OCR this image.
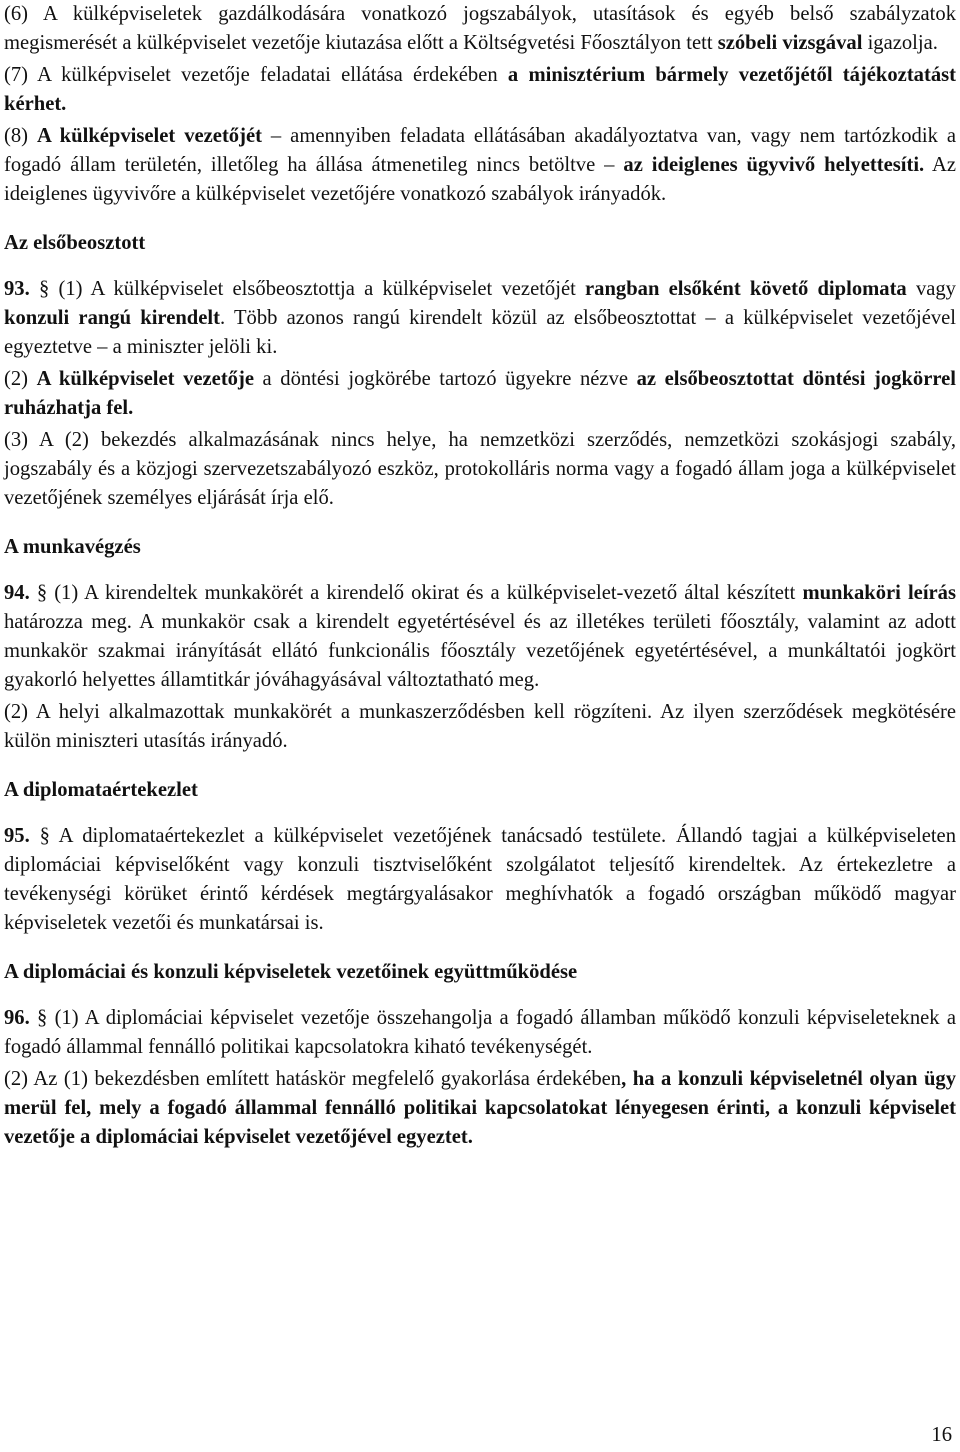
(6) A külképviseletek gazdálkodására vonatkozó jogszabályok, utasítások és egyéb belső szabályzatok megismerését a külképviselet vezetője kiutazása előtt a Költségvetési Főosztályon tett szóbeli vizsgával igazolja.

(7) A külképviselet vezetője feladatai ellátása érdekében a minisztérium bármely vezetőjétől tájékoztatást kérhet.

(8) A külképviselet vezetőjét – amennyiben feladata ellátásában akadályoztatva van, vagy nem tartózkodik a fogadó állam területén, illetőleg ha állása átmenetileg nincs betöltve – az ideiglenes ügyvivő helyettesíti. Az ideiglenes ügyvivőre a külképviselet vezetőjére vonatkozó szabályok irányadók.

Az elsőbeosztott

93. § (1) A külképviselet elsőbeosztottja a külképviselet vezetőjét rangban elsőként követő diplomata vagy konzuli rangú kirendelt. Több azonos rangú kirendelt közül az elsőbeosztottat – a külképviselet vezetőjével egyeztetve – a miniszter jelöli ki.

(2) A külképviselet vezetője a döntési jogkörébe tartozó ügyekre nézve az elsőbeosztottat döntési jogkörrel ruházhatja fel.

(3) A (2) bekezdés alkalmazásának nincs helye, ha nemzetközi szerződés, nemzetközi szokásjogi szabály, jogszabály és a közjogi szervezetszabályozó eszköz, protokolláris norma vagy a fogadó állam joga a külképviselet vezetőjének személyes eljárását írja elő.

A munkavégzés

94. § (1) A kirendeltek munkakörét a kirendelő okirat és a külképviselet-vezető által készített munkaköri leírás határozza meg. A munkakör csak a kirendelt egyetértésével és az illetékes területi főosztály, valamint az adott munkakör szakmai irányítását ellátó funkcionális főosztály vezetőjének egyetértésével, a munkáltatói jogkört gyakorló helyettes államtitkár jóváhagyásával változtatható meg.

(2) A helyi alkalmazottak munkakörét a munkaszerződésben kell rögzíteni. Az ilyen szerződések megkötésére külön miniszteri utasítás irányadó.

A diplomataértekezlet

95. § A diplomataértekezlet a külképviselet vezetőjének tanácsadó testülete. Állandó tagjai a külképviseleten diplomáciai képviselőként vagy konzuli tisztviselőként szolgálatot teljesítő kirendeltek. Az értekezletre a tevékenységi körüket érintő kérdések megtárgyalásakor meghívhatók a fogadó országban működő magyar képviseletek vezetői és munkatársai is.

A diplomáciai és konzuli képviseletek vezetőinek együttműködése

96. § (1) A diplomáciai képviselet vezetője összehangolja a fogadó államban működő konzuli képviseleteknek a fogadó állammal fennálló politikai kapcsolatokra kiható tevékenységét.

(2) Az (1) bekezdésben említett hatáskör megfelelő gyakorlása érdekében, ha a konzuli képviseletnél olyan ügy merül fel, mely a fogadó állammal fennálló politikai kapcsolatokat lényegesen érinti, a konzuli képviselet vezetője a diplomáciai képviselet vezetőjével egyeztet.

16
